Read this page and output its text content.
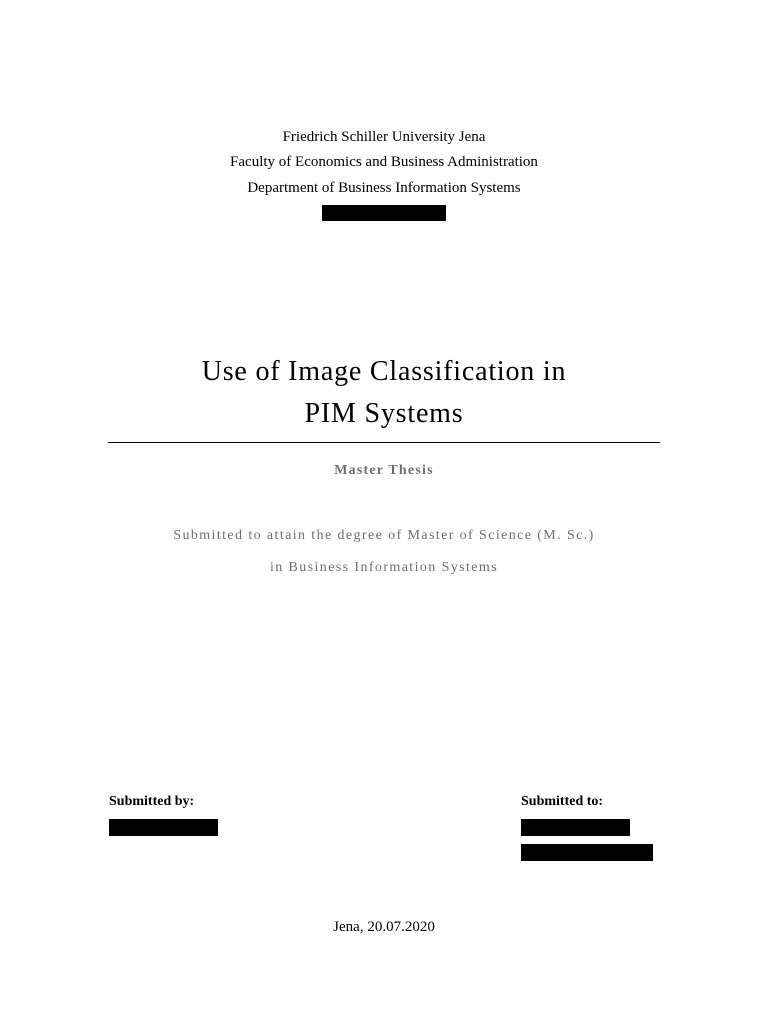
Friedrich Schiller University Jena
Faculty of Economics and Business Administration
Department of Business Information Systems
Use of Image Classification in
PIM Systems
Master Thesis
Submitted to attain the degree of Master of Science (M. Sc.)
in Business Information Systems
Submitted by:	Submitted to:
Jena, 20.07.2020
